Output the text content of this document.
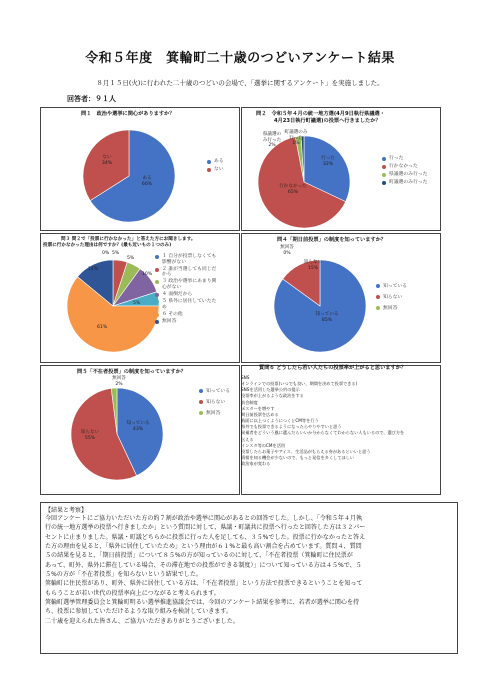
令和５年度　箕輪町二十歳のつどいアンケート結果
８月１５日(火)に行われた二十歳のつどいの会場で、「選挙に関するアンケート」を実施しました。
回答者：９１人
問１　政治や選挙に関心がありますか？
ある
66%
ない
34%	ある
ない
問２　令和５年４月の統一地方選(4月9日執行県議選・
4月23日執行町議選)の投票へ行きましたか？
行った
32%
行かなかった
65%
県議選の
み行った
2%
町議選のみ
行った
1%
行った
行かなかった
県議選のみ行った
町議選のみ行った
問３ 問２で「投票に行かなかった」と答えた方にお聞きします。
投票に行かなかった理由は何ですか？(最も近いもの１つのみ)
0% 5%
5%
10%
5%
61%
14%
１ 自分が投票しなくても影響がない
２ 誰が当選しても同じだから
３ 政治や選挙にあまり関心がない
４ 面倒だから
５ 県外に居住していたため
６ その他
無回答
問４「期日前投票」の制度を知っていますか？
知っている
85%
知らない
15%
無回答
0%
知っている
知らない
無回答
問５「不在者投票」の制度を知っていますか？
知っている
43%
知らない
55%
無回答
2%
知っている
知らない
無回答
質問６ どうしたら若い人たちの投票率が上がると思いますか？
SNS
オンラインでの投票(いつでも良い、期間を決めて投票できる)
SNSを活用した選挙公約の提示
投票率が上がるような政治をする
前会制度
ポスターを増やす
期日前投票を広める
紙面に以上つくようにつくとCM等を行う
県外でも投票できるようになったらやりやすいと思う
候補者をどういう風に選んだらいいか分からなくてわからない人もいるので、選び方を
伝える
インスタ等のCMを活用
投票したらお菓子やアイス、生活品がもらえる券があるといいと思う
情報を知る機会が少ないので、もっと発信を多くしてほしい
政治家が変わる
【結果と考察】
今回アンケートにご協力いただいた方の約７割が政治や選挙に関心があるとの回答でした。しかし、「令和５年４月執
行の統一地方選挙の投票へ行きましたか」という質問に対して、県議・町議共に投票へ行ったと回答した方は３２パー
セントに止まりました。県議・町議どちらかに投票に行った人を足しても、３５%でした。投票に行かなかったと答え
た方の理由を見ると、「県外に居住していたため」という理由が６１%と最も高い割合を占めています。質問４、質問
５の結果を見ると、「期日前投票」について８５%の方が知っているのに対して、「不在者投票（箕輪町に住民票が
あって、町外、県外に滞在している場合、その滞在地での投票ができる制度）」について知っている方は４５%で、５
５%の方が「不在者投票」を知らないという結果でした。
箕輪町に住民票があり、町外、県外に居住している方は、「不在者投票」という方法で投票できるということを知って
もらうことが若い世代の投票率向上につながると考えられます。
箕輪町選挙管理委員会と箕輪町明るい選挙推進協議会では、今回のアンケート結果を参考に、若者が選挙に関心を持
ち、投票に参加していただけるような取り組みを検討していきます。
二十歳を迎えられた皆さん、ご協力いただきありがとうございました。
